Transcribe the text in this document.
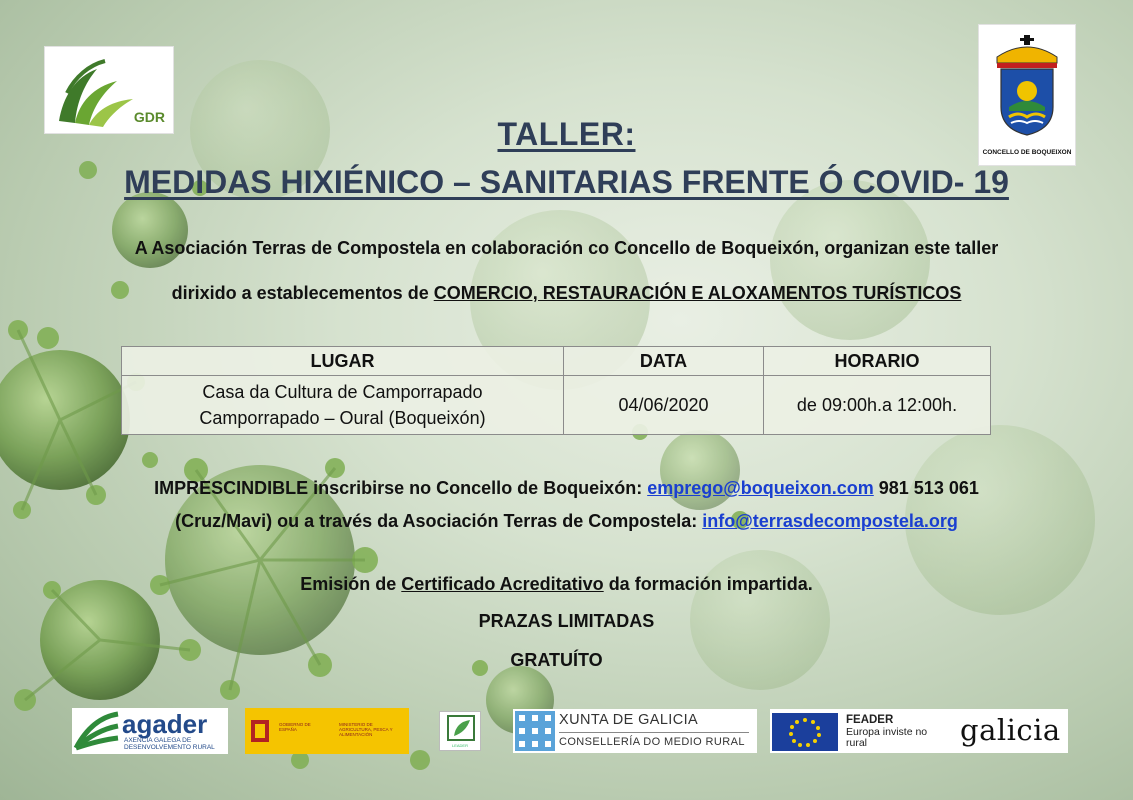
GDR
CONCELLO DE BOQUEIXON
TALLER:
MEDIDAS HIXIÉNICO – SANITARIAS FRENTE Ó COVID- 19
A Asociación Terras de Compostela en colaboración co Concello de Boqueixón, organizan este taller
dirixido a establecementos de COMERCIO, RESTAURACIÓN E ALOXAMENTOS TURÍSTICOS
LUGAR	DATA	HORARIO

Casa da Cultura de Camporrapado
Camporrapado – Oural (Boqueixón)	04/06/2020	de 09:00h.a 12:00h.
IMPRESCINDIBLE inscribirse no Concello de Boqueixón: emprego@boqueixon.com 981 513 061
(Cruz/Mavi) ou a través da Asociación Terras de Compostela: info@terrasdecompostela.org
Emisión de Certificado Acreditativo da formación impartida.
PRAZAS LIMITADAS
GRATUÍTO
agader
AXENCIA GALEGA DE DESENVOLVEMENTO RURAL
GOBIERNO DE ESPAÑA
MINISTERIO DE AGRICULTURA, PESCA Y ALIMENTACIÓN
LEADER
XUNTA DE GALICIA
CONSELLERÍA DO MEDIO RURAL
FEADER
Europa inviste no rural	galicia
